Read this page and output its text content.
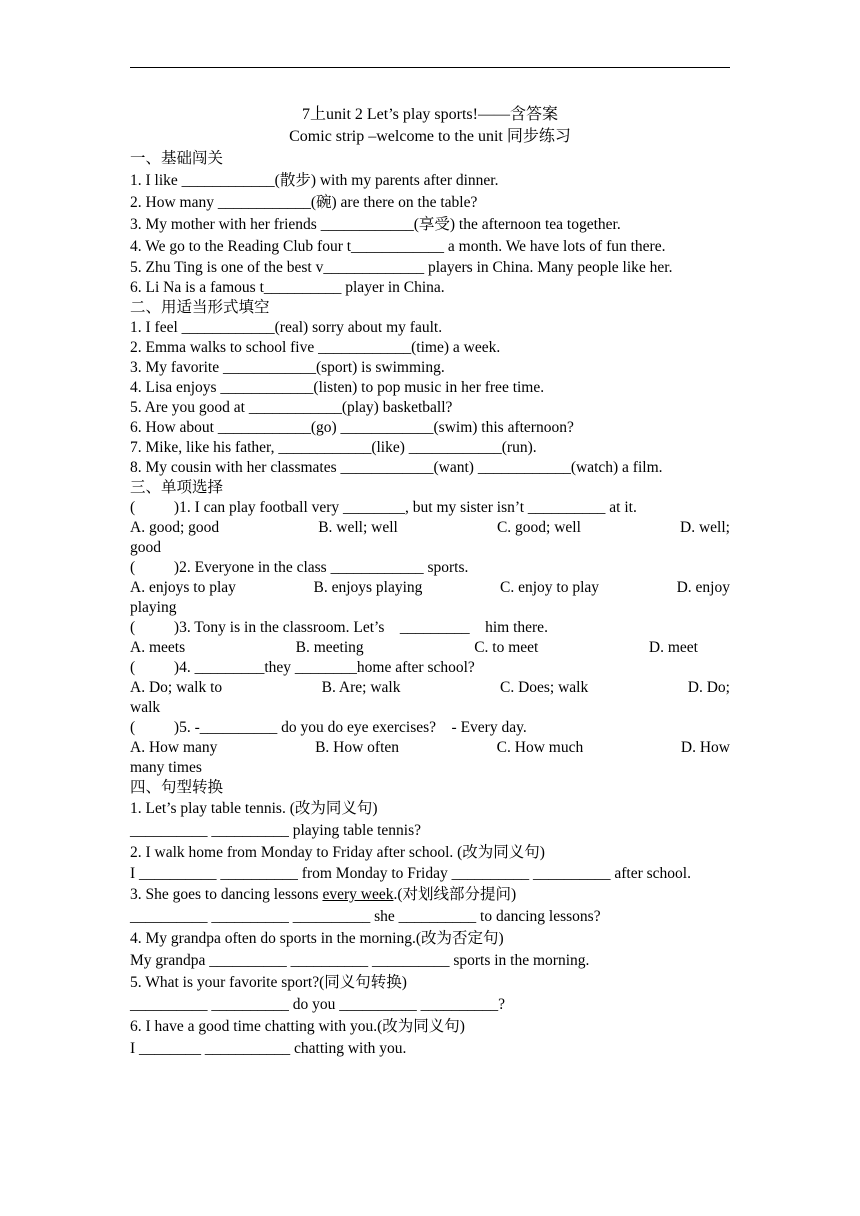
7上unit 2 Let’s play sports!——含答案
Comic strip –welcome to the unit 同步练习
一、基础闯关
1. I like ____________(散步) with my parents after dinner.
2. How many ____________(碗) are there on the table?
3. My mother with her friends ____________(享受) the afternoon tea together.
4. We go to the Reading Club four t____________ a month. We have lots of fun there.
5. Zhu Ting is one of the best v_____________ players in China. Many people like her.
6. Li Na is a famous t__________ player in China.
二、用适当形式填空
1. I feel ____________(real) sorry about my fault.
2. Emma walks to school five ____________(time) a week.
3. My favorite ____________(sport) is swimming.
4. Lisa enjoys ____________(listen) to pop music in her free time.
5. Are you good at ____________(play) basketball?
6. How about ____________(go) ____________(swim) this afternoon?
7. Mike, like his father, ____________(like) ____________(run).
8. My cousin with her classmates ____________(want) ____________(watch) a film.
三、单项选择
(          )1. I can play football very ________, but my sister isn’t __________ at it.
A. good; good	B. well; well	C. good; well	D. well;
good
(          )2. Everyone in the class ____________ sports.
A. enjoys to play	B. enjoys playing	C. enjoy to play	D. enjoy
playing
(          )3. Tony is in the classroom. Let’s    _________    him there.
A. meets	B. meeting	C. to meet	D. meet
(          )4. _________they ________home after school?
A. Do; walk to	B. Are; walk	C. Does; walk	D. Do;
walk
(          )5. -__________ do you do eye exercises?    - Every day.
A. How many	B. How often	C. How much	D. How
many times
四、句型转换
1. Let’s play table tennis. (改为同义句)
__________ __________ playing table tennis?
2. I walk home from Monday to Friday after school. (改为同义句)
I __________ __________ from Monday to Friday __________ __________ after school.
3. She goes to dancing lessons every week.(对划线部分提问)
__________ __________ __________ she __________ to dancing lessons?
4. My grandpa often do sports in the morning.(改为否定句)
My grandpa __________ __________ __________ sports in the morning.
5. What is your favorite sport?(同义句转换)
__________ __________ do you __________ __________?
6. I have a good time chatting with you.(改为同义句)
I ________ ___________ chatting with you.
